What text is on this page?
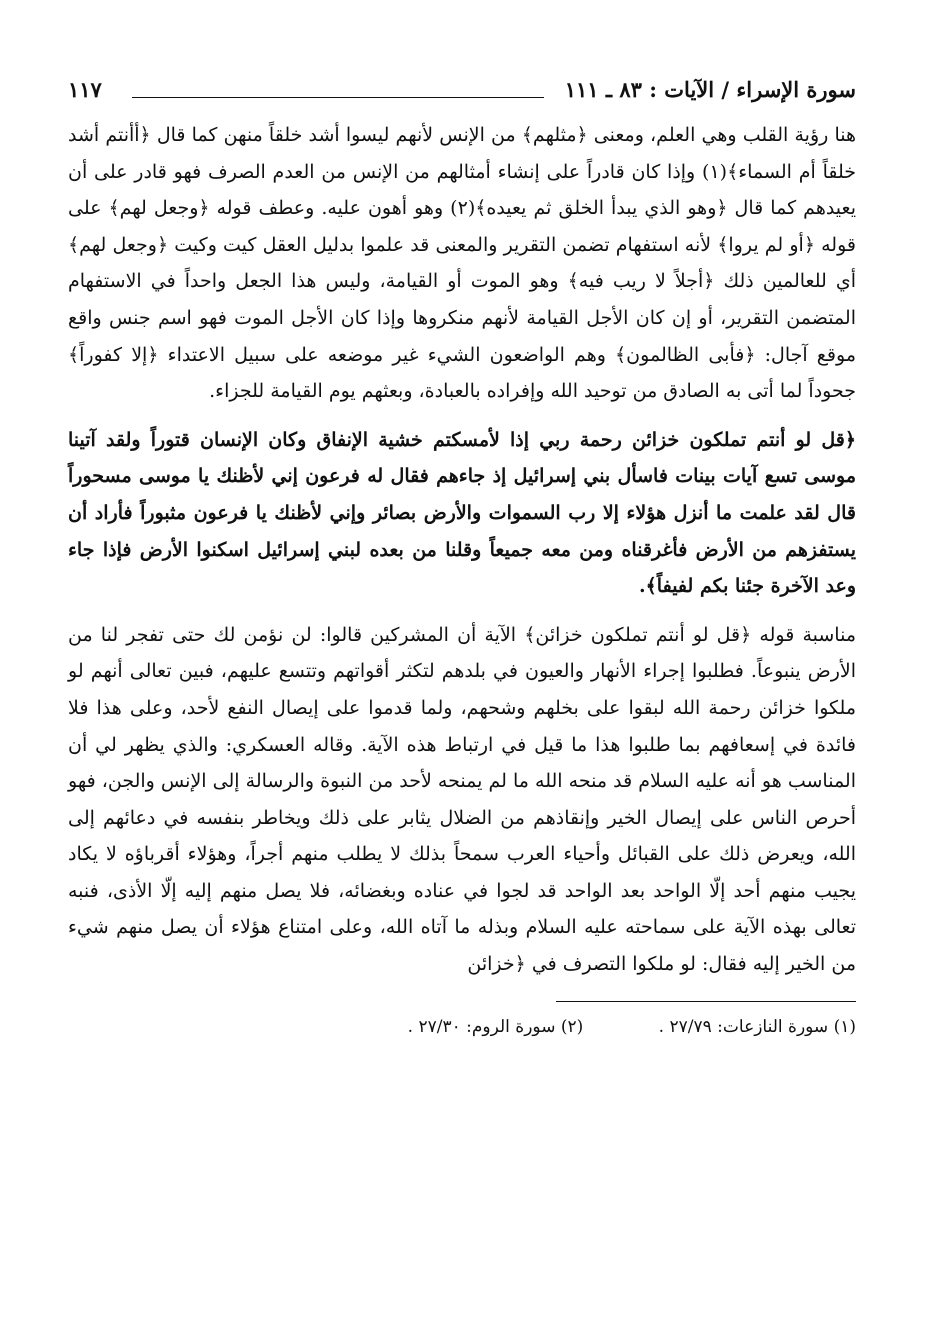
سورة الإسراء / الآيات : ٨٣ ـ ١١١
١١٧

هنا رؤية القلب وهي العلم، ومعنى ﴿مثلهم﴾ من الإنس لأنهم ليسوا أشد خلقاً منهن كما قال ﴿أأنتم أشد خلقاً أم السماء﴾(١) وإذا كان قادراً على إنشاء أمثالهم من الإنس من العدم الصرف فهو قادر على أن يعيدهم كما قال ﴿وهو الذي يبدأ الخلق ثم يعيده﴾(٢) وهو أهون عليه. وعطف قوله ﴿وجعل لهم﴾ على قوله ﴿أو لم يروا﴾ لأنه استفهام تضمن التقرير والمعنى قد علموا بدليل العقل كيت وكيت ﴿وجعل لهم﴾ أي للعالمين ذلك ﴿أجلاً لا ريب فيه﴾ وهو الموت أو القيامة، وليس هذا الجعل واحداً في الاستفهام المتضمن التقرير، أو إن كان الأجل القيامة لأنهم منكروها وإذا كان الأجل الموت فهو اسم جنس واقع موقع آجال: ﴿فأبى الظالمون﴾ وهم الواضعون الشيء غير موضعه على سبيل الاعتداء ﴿إلا كفوراً﴾ جحوداً لما أتى به الصادق من توحيد الله وإفراده بالعبادة، وبعثهم يوم القيامة للجزاء.

﴿قل لو أنتم تملكون خزائن رحمة ربي إذا لأمسكتم خشية الإنفاق وكان الإنسان قتوراً ولقد آتينا موسى تسع آيات بينات فاسأل بني إسرائيل إذ جاءهم فقال له فرعون إني لأظنك يا موسى مسحوراً قال لقد علمت ما أنزل هؤلاء إلا رب السموات والأرض بصائر وإني لأظنك يا فرعون مثبوراً فأراد أن يستفزهم من الأرض فأغرقناه ومن معه جميعاً وقلنا من بعده لبني إسرائيل اسكنوا الأرض فإذا جاء وعد الآخرة جئنا بكم لفيفاً﴾.

مناسبة قوله ﴿قل لو أنتم تملكون خزائن﴾ الآية أن المشركين قالوا: لن نؤمن لك حتى تفجر لنا من الأرض ينبوعاً. فطلبوا إجراء الأنهار والعيون في بلدهم لتكثر أقواتهم وتتسع عليهم، فبين تعالى أنهم لو ملكوا خزائن رحمة الله لبقوا على بخلهم وشحهم، ولما قدموا على إيصال النفع لأحد، وعلى هذا فلا فائدة في إسعافهم بما طلبوا هذا ما قيل في ارتباط هذه الآية. وقاله العسكري: والذي يظهر لي أن المناسب هو أنه عليه السلام قد منحه الله ما لم يمنحه لأحد من النبوة والرسالة إلى الإنس والجن، فهو أحرص الناس على إيصال الخير وإنقاذهم من الضلال يثابر على ذلك ويخاطر بنفسه في دعائهم إلى الله، ويعرض ذلك على القبائل وأحياء العرب سمحاً بذلك لا يطلب منهم أجراً، وهؤلاء أقرباؤه لا يكاد يجيب منهم أحد إلّا الواحد بعد الواحد قد لجوا في عناده وبغضائه، فلا يصل منهم إليه إلّا الأذى، فنبه تعالى بهذه الآية على سماحته عليه السلام وبذله ما آتاه الله، وعلى امتناع هؤلاء أن يصل منهم شيء من الخير إليه فقال: لو ملكوا التصرف في ﴿خزائن

(١) سورة النازعات: ٢٧/٧٩ . (٢) سورة الروم: ٢٧/٣٠ .
